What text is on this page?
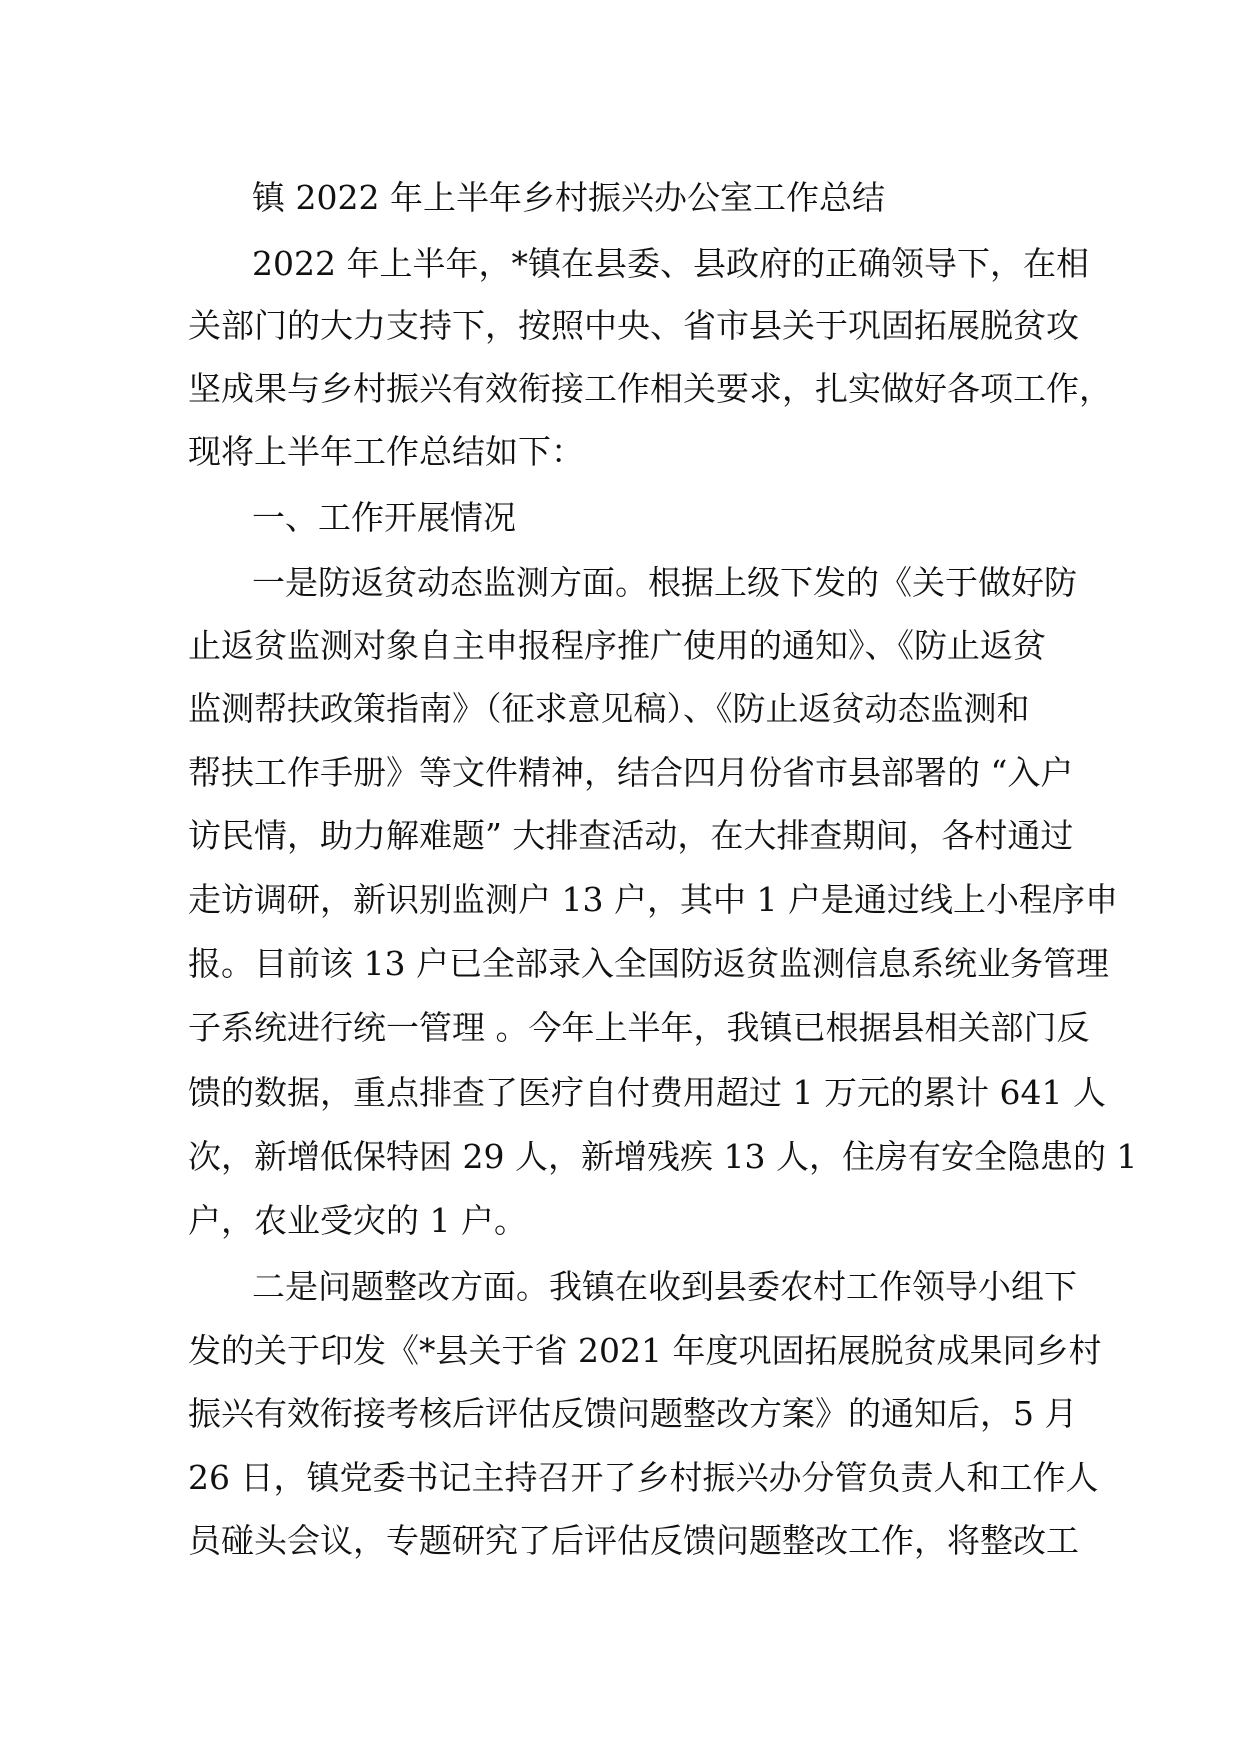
镇 2022 年上半年乡村振兴办公室工作总结
2022 年上半年，*镇在县委、县政府的正确领导下，在相
关部门的大力支持下，按照中央、省市县关于巩固拓展脱贫攻
坚成果与乡村振兴有效衔接工作相关要求，扎实做好各项工作，
现将上半年工作总结如下：
一、工作开展情况
一是防返贫动态监测方面。根据上级下发的《关于做好防
止返贫监测对象自主申报程序推广使用的通知》、《防止返贫
监测帮扶政策指南》（征求意见稿）、《防止返贫动态监测和
帮扶工作手册》等文件精神，结合四月份省市县部署的 “入户
访民情，助力解难题” 大排查活动，在大排查期间，各村通过
走访调研，新识别监测户 13 户，其中 1 户是通过线上小程序申
报。目前该 13 户已全部录入全国防返贫监测信息系统业务管理
子系统进行统一管理 。今年上半年，我镇已根据县相关部门反
馈的数据，重点排查了医疗自付费用超过 1 万元的累计 641 人
次，新增低保特困 29 人，新增残疾 13 人，住房有安全隐患的 1
户，农业受灾的 1 户。
二是问题整改方面。我镇在收到县委农村工作领导小组下
发的关于印发《*县关于省 2021 年度巩固拓展脱贫成果同乡村
振兴有效衔接考核后评估反馈问题整改方案》的通知后，5 月
26 日，镇党委书记主持召开了乡村振兴办分管负责人和工作人
员碰头会议，专题研究了后评估反馈问题整改工作，将整改工
